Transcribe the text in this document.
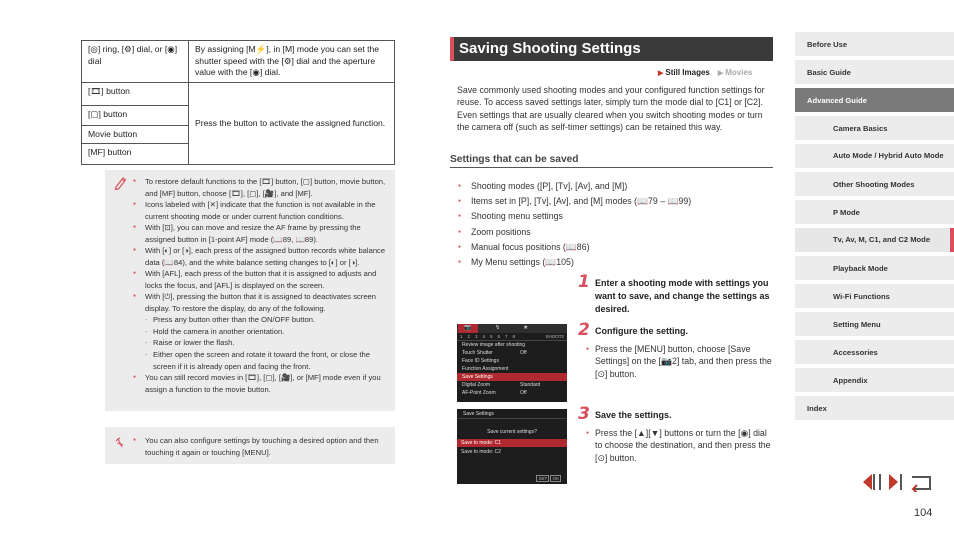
[◎] ring, [⚙] dial, or [◉] dial	By assigning [M⚡], in [M] mode you can set the shutter speed with the [⚙] dial and the aperture value with the [◉] dial.
[🎞] button	Press the button to activate the assigned function.
[▢] button	
Movie button	
[MF] button	
● To restore default functions to the [🎞] button, [▢] button, movie button, and [MF] button, choose [🎞], [▢], [🎥], and [MF].
● Icons labeled with [✕] indicate that the function is not available in the current shooting mode or under current function conditions.
● With [⊡], you can move and resize the AF frame by pressing the assigned button in [1-point AF] mode (📖89, 📖89).
● With [◐] or [◑], each press of the assigned button records white balance data (📖84), and the white balance setting changes to [◐] or [◑].
● With [AFL], each press of the button that it is assigned to adjusts and locks the focus, and [AFL] is displayed on the screen.
● With [⏻], pressing the button that it is assigned to deactivates screen display. To restore the display, do any of the following.
- Press any button other than the ON/OFF button.
- Hold the camera in another orientation.
- Raise or lower the flash.
- Either open the screen and rotate it toward the front, or close the screen if it is already open and facing the front.
● You can still record movies in [🎞], [▢], [🎥], or [MF] mode even if you assign a function to the movie button.
● You can also configure settings by touching a desired option and then touching it again or touching [MENU].
Saving Shooting Settings
▶ Still Images ▶ Movies

Save commonly used shooting modes and your configured function settings for reuse. To access saved settings later, simply turn the mode dial to [C1] or [C2]. Even settings that are usually cleared when you switch shooting modes or turn the camera off (such as self-timer settings) can be retained this way.

Settings that can be saved
● Shooting modes ([P], [Tv], [Av], and [M])
● Items set in [P], [Tv], [Av], and [M] modes (📖79 – 📖99)
● Shooting menu settings
● Zoom positions
● Manual focus positions (📖86)
● My Menu settings (📖105)
1 Enter a shooting mode with settings you want to save, and change the settings as desired.
2 Configure the setting.
● Press the [MENU] button, choose [Save Settings] on the [📷2] tab, and then press the [⊙] button.
3 Save the settings.
● Press the [▲][▼] buttons or turn the [◉] dial to choose the destination, and then press the [⊙] button.
📷	↯	★
1 2 3 4 5 6 7 8	SHOOT2
Review image after shooting
Touch Shutter	Off
Face ID Settings
Function Assignment
Save Settings
Digital Zoom	Standard
AF-Point Zoom	Off
Save Settings
Save current settings?
Save to mode: C1
Save to mode: C2
SET OK
Before Use
Basic Guide
Advanced Guide
Camera Basics
Auto Mode / Hybrid Auto Mode
Other Shooting Modes
P Mode
Tv, Av, M, C1, and C2 Mode
Playback Mode
Wi-Fi Functions
Setting Menu
Accessories
Appendix
Index
104
